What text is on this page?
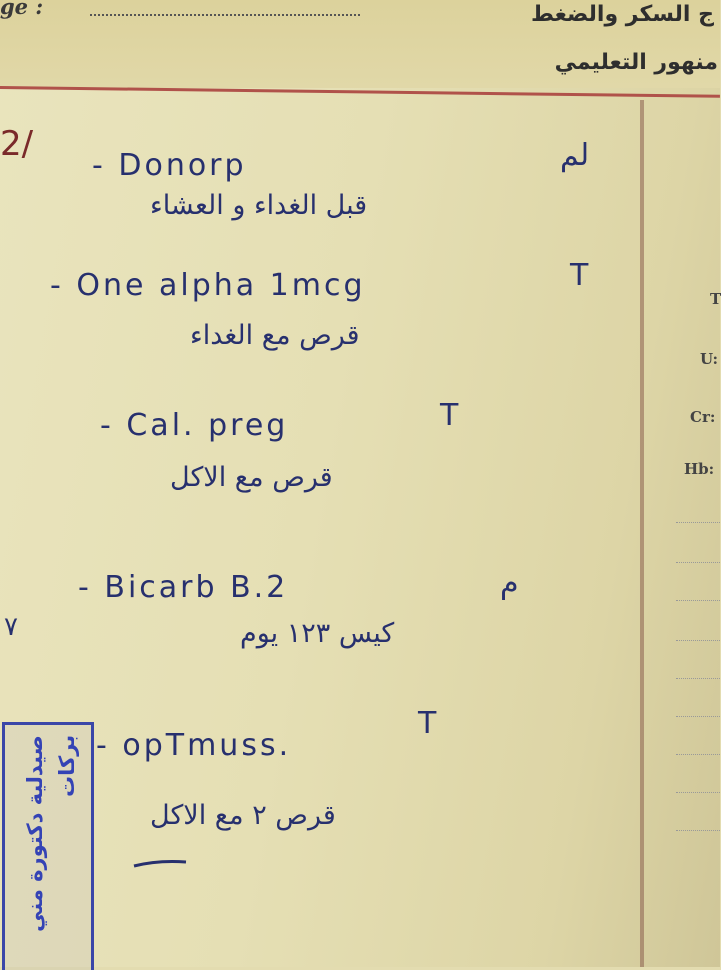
ge :	ج السكر والضغط
منهور التعليمي
T
U:
Cr:
Hb:
2/
٧
- Donorp	لم
قبل الغداء و العشاء
- One alpha 1mcg	T
قرص مع الغداء
- Cal. preg	T
قرص مع الاكل
- Bicarb B.2	م
كيس ١٢٣ يوم
- opTmuss.
T
قرص ٢ مع الاكل
صيدلية دكتورة مني بركات
